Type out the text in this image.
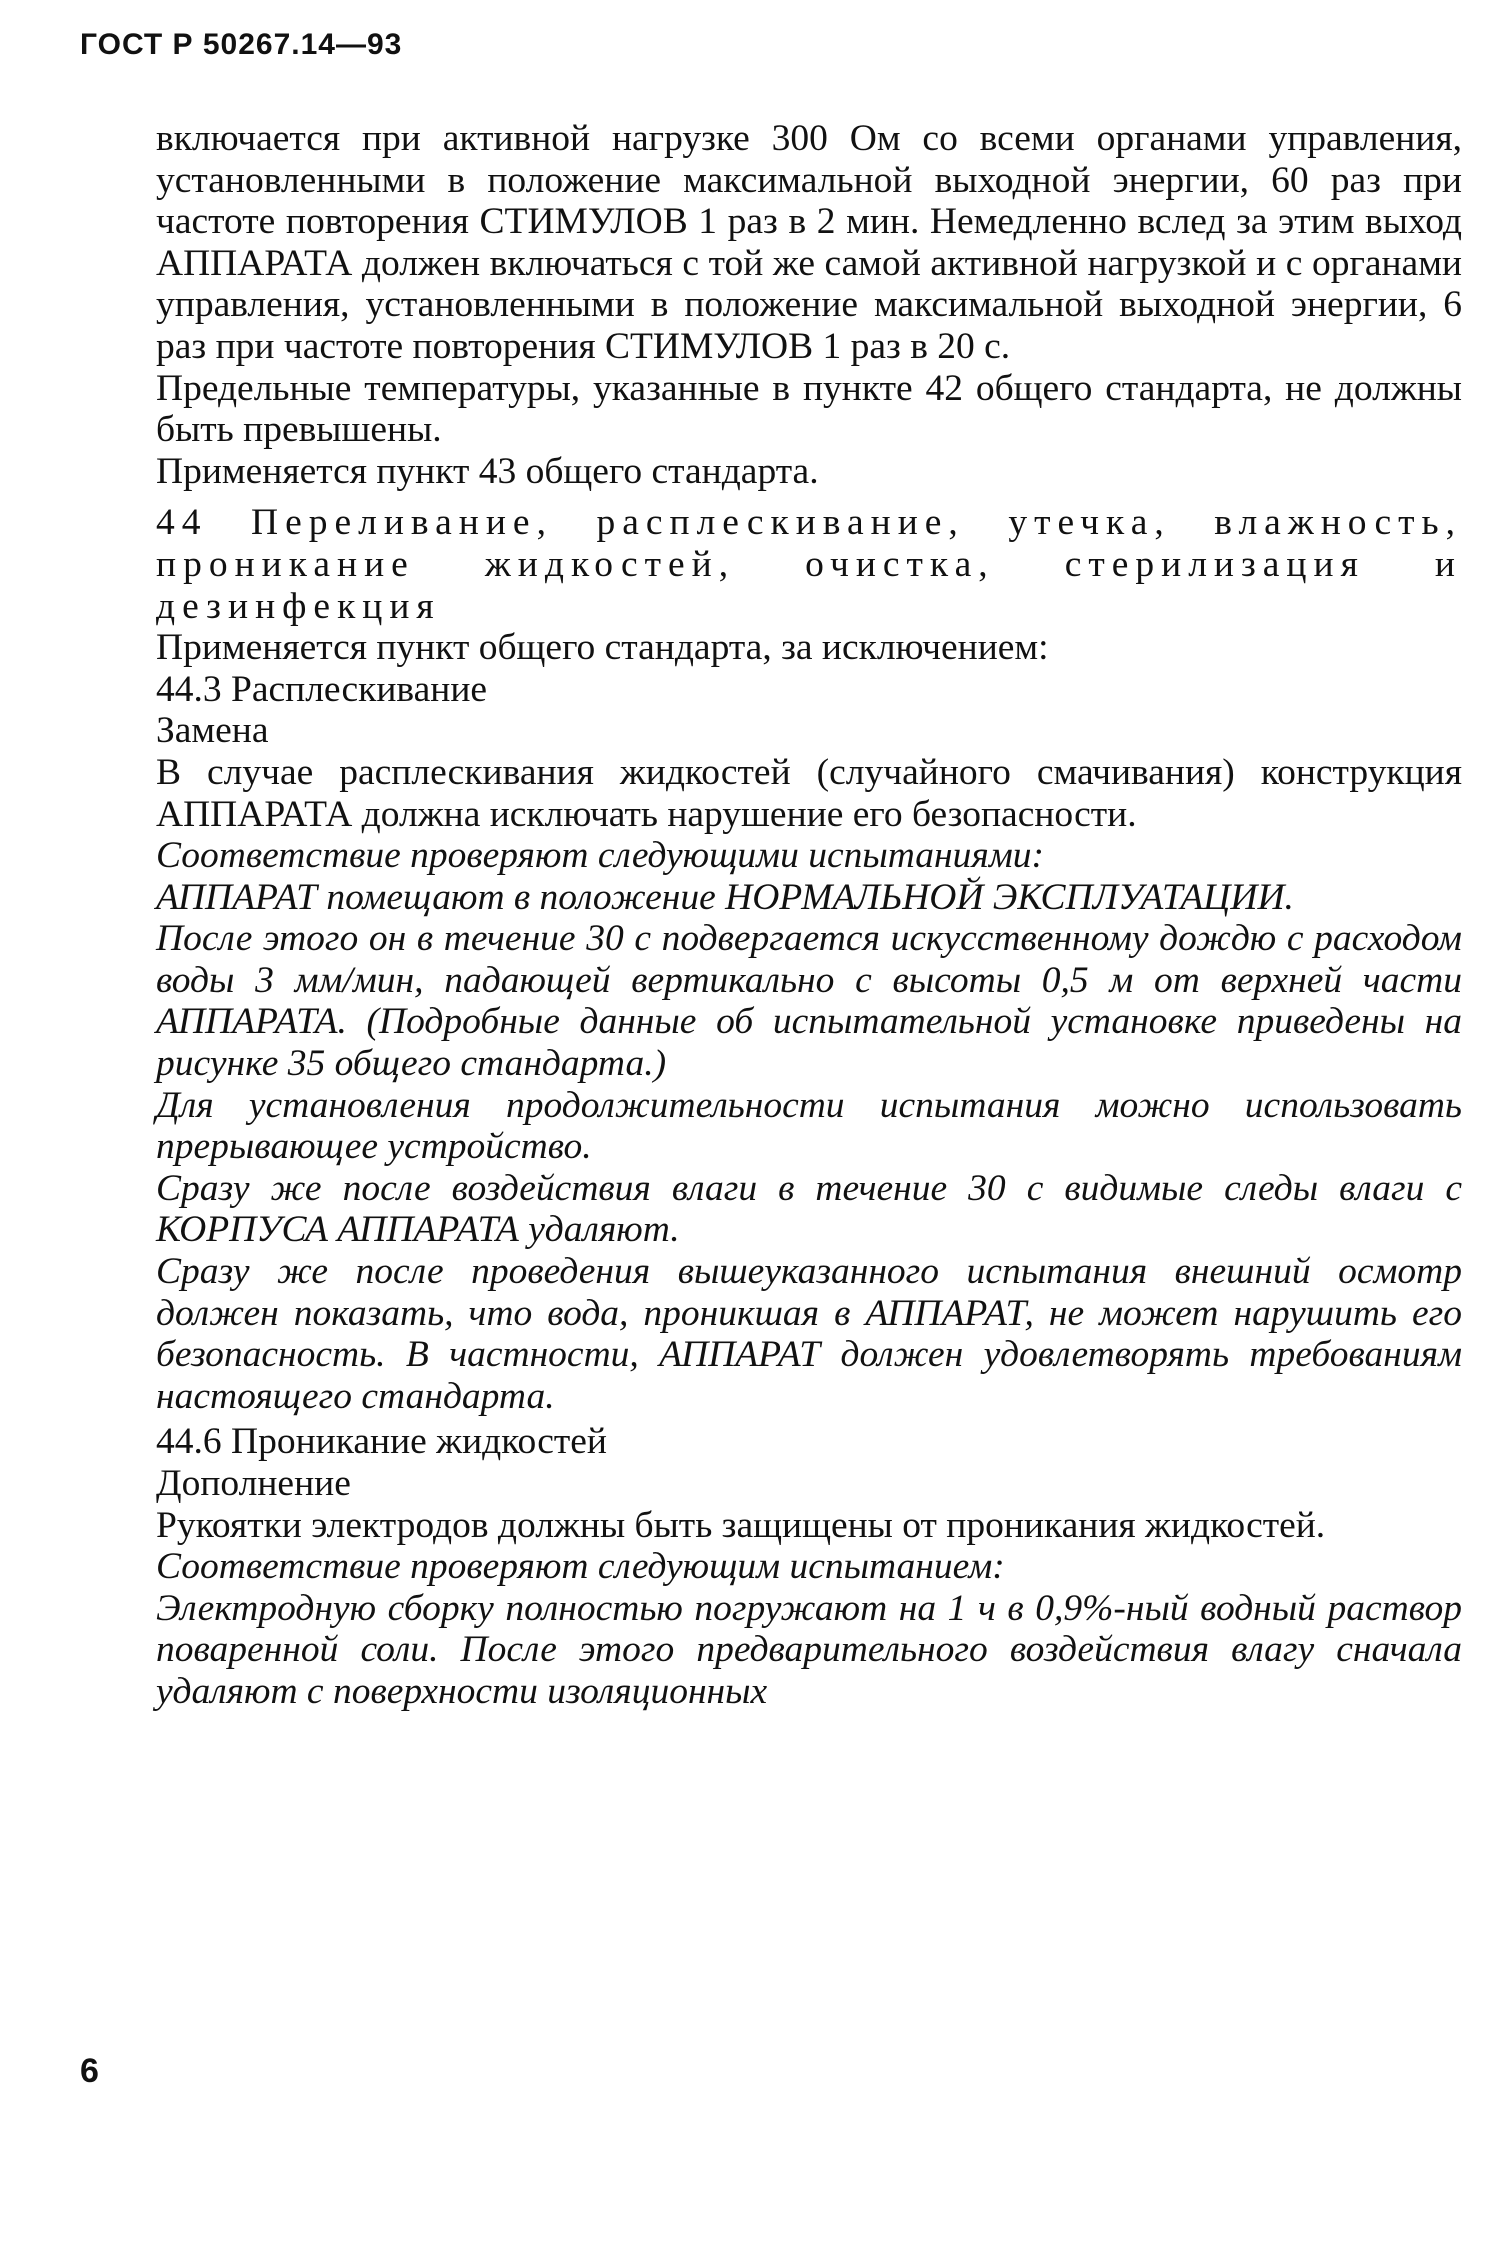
ГОСТ Р 50267.14—93

включается при активной нагрузке 300 Ом со всеми органами управления, установленными в положение максимальной выходной энергии, 60 раз при частоте повторения СТИМУЛОВ 1 раз в 2 мин. Немедленно вслед за этим выход АППАРАТА должен включаться с той же самой активной нагрузкой и с органами управления, установленными в положение максимальной выходной энергии, 6 раз при частоте повторения СТИМУЛОВ 1 раз в 20 с.

Предельные температуры, указанные в пункте 42 общего стандарта, не должны быть превышены.

Применяется пункт 43 общего стандарта.

44 Переливание, расплескивание, утечка, влажность, проникание жидкостей, очистка, стерилизация и дезинфекция

Применяется пункт общего стандарта, за исключением:

44.3 Расплескивание

Замена

В случае расплескивания жидкостей (случайного смачивания) конструкция АППАРАТА должна исключать нарушение его безопасности.

Соответствие проверяют следующими испытаниями:

АППАРАТ помещают в положение НОРМАЛЬНОЙ ЭКСПЛУАТАЦИИ.

После этого он в течение 30 с подвергается искусственному дождю с расходом воды 3 мм/мин, падающей вертикально с высоты 0,5 м от верхней части АППАРАТА. (Подробные данные об испытательной установке приведены на рисунке 35 общего стандарта.)

Для установления продолжительности испытания можно использовать прерывающее устройство.

Сразу же после воздействия влаги в течение 30 с видимые следы влаги с КОРПУСА АППАРАТА удаляют.

Сразу же после проведения вышеуказанного испытания внешний осмотр должен показать, что вода, проникшая в АППАРАТ, не может нарушить его безопасность. В частности, АППАРАТ должен удовлетворять требованиям настоящего стандарта.

44.6 Проникание жидкостей

Дополнение

Рукоятки электродов должны быть защищены от проникания жидкостей.

Соответствие проверяют следующим испытанием:

Электродную сборку полностью погружают на 1 ч в 0,9%-ный водный раствор поваренной соли. После этого предварительного воздействия влагу сначала удаляют с поверхности изоляционных

6
